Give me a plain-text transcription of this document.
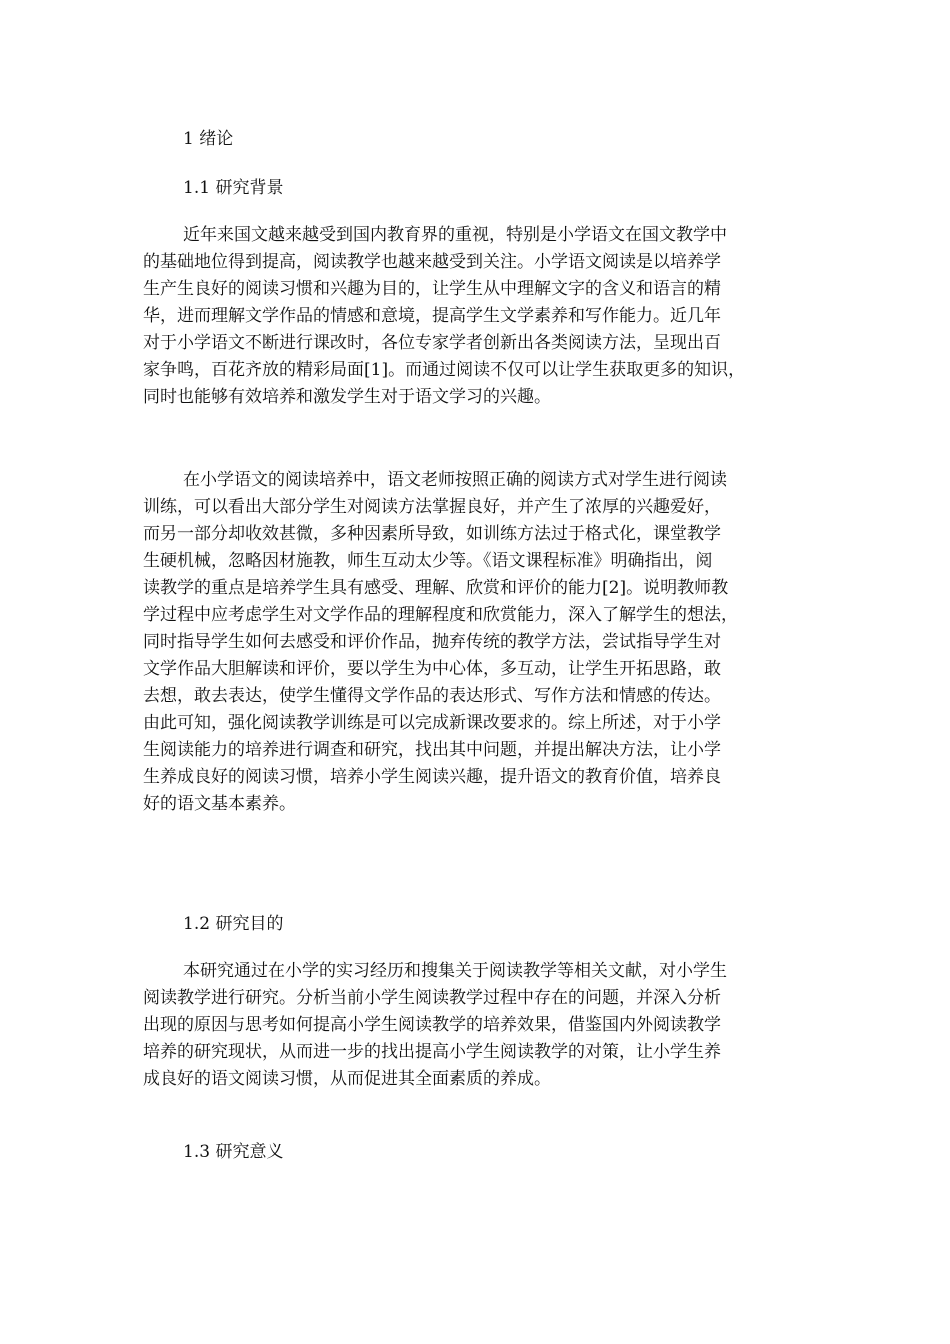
1 绪论
1.1 研究背景

近年来国文越来越受到国内教育界的重视，特别是小学语文在国文教学中
的基础地位得到提高，阅读教学也越来越受到关注。小学语文阅读是以培养学
生产生良好的阅读习惯和兴趣为目的，让学生从中理解文字的含义和语言的精
华，进而理解文学作品的情感和意境，提高学生文学素养和写作能力。近几年
对于小学语文不断进行课改时，各位专家学者创新出各类阅读方法，呈现出百
家争鸣，百花齐放的精彩局面[1]。而通过阅读不仅可以让学生获取更多的知识，
同时也能够有效培养和激发学生对于语文学习的兴趣。

在小学语文的阅读培养中，语文老师按照正确的阅读方式对学生进行阅读
训练，可以看出大部分学生对阅读方法掌握良好，并产生了浓厚的兴趣爱好，
而另一部分却收效甚微，多种因素所导致，如训练方法过于格式化，课堂教学
生硬机械，忽略因材施教，师生互动太少等。《语文课程标准》明确指出，阅
读教学的重点是培养学生具有感受、理解、欣赏和评价的能力[2]。说明教师教
学过程中应考虑学生对文学作品的理解程度和欣赏能力，深入了解学生的想法，
同时指导学生如何去感受和评价作品，抛弃传统的教学方法，尝试指导学生对
文学作品大胆解读和评价，要以学生为中心体，多互动，让学生开拓思路，敢
去想，敢去表达，使学生懂得文学作品的表达形式、写作方法和情感的传达。
由此可知，强化阅读教学训练是可以完成新课改要求的。综上所述，对于小学
生阅读能力的培养进行调查和研究，找出其中问题，并提出解决方法，让小学
生养成良好的阅读习惯，培养小学生阅读兴趣，提升语文的教育价值，培养良
好的语文基本素养。

1.2 研究目的

本研究通过在小学的实习经历和搜集关于阅读教学等相关文献，对小学生
阅读教学进行研究。分析当前小学生阅读教学过程中存在的问题，并深入分析
出现的原因与思考如何提高小学生阅读教学的培养效果，借鉴国内外阅读教学
培养的研究现状，从而进一步的找出提高小学生阅读教学的对策，让小学生养
成良好的语文阅读习惯，从而促进其全面素质的养成。

1.3 研究意义
